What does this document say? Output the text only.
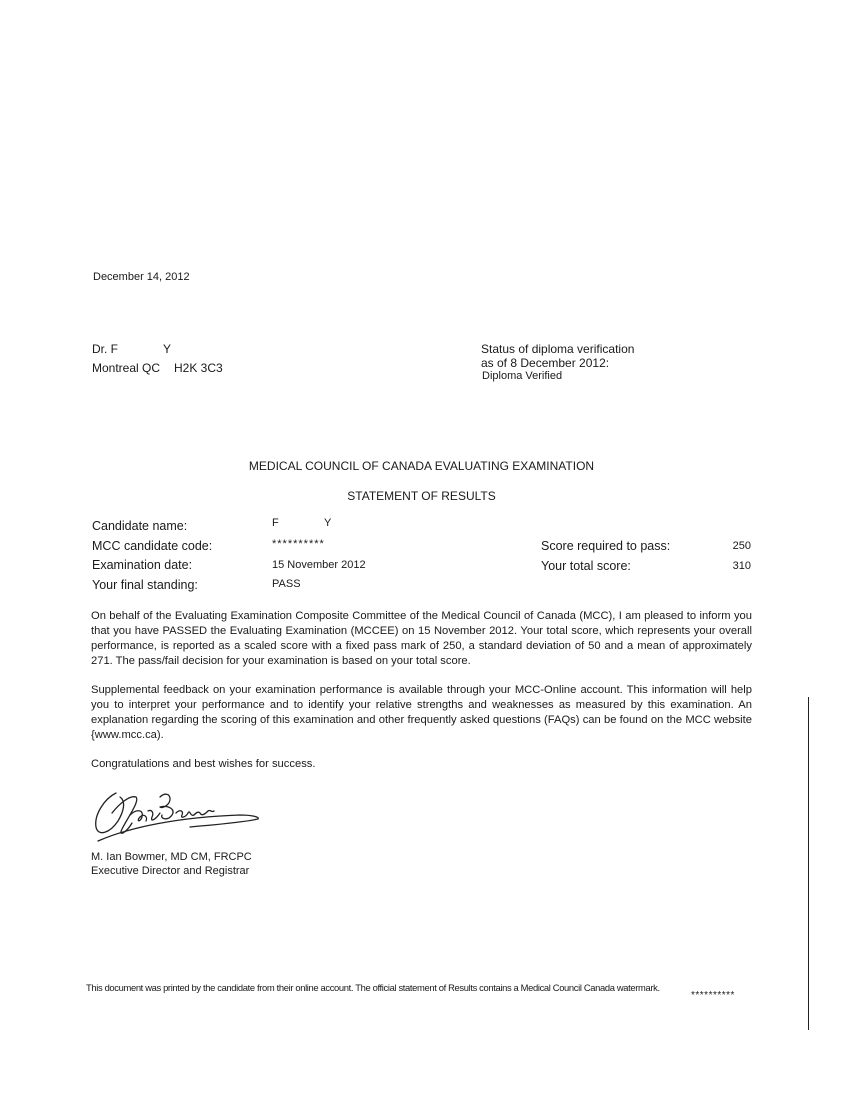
December 14, 2012
Dr. F	Y
Montreal QC H2K 3C3
Status of diploma verification
as of 8 December 2012:
Diploma Verified
MEDICAL COUNCIL OF CANADA EVALUATING EXAMINATION
STATEMENT OF RESULTS
Candidate name:	F	Y
MCC candidate code:	**********
Examination date:	15 November 2012
Your final standing:	PASS
Score required to pass:	250
Your total score:	310
On behalf of the Evaluating Examination Composite Committee of the Medical Council of Canada (MCC), I am pleased to inform you that you have PASSED the Evaluating Examination (MCCEE) on 15 November 2012. Your total score, which represents your overall performance, is reported as a scaled score with a fixed pass mark of 250, a standard deviation of 50 and a mean of approximately 271. The pass/fail decision for your examination is based on your total score.
Supplemental feedback on your examination performance is available through your MCC-Online account. This information will help you to interpret your performance and to identify your relative strengths and weaknesses as measured by this examination. An explanation regarding the scoring of this examination and other frequently asked questions (FAQs) can be found on the MCC website {www.mcc.ca).
Congratulations and best wishes for success.
M. Ian Bowmer, MD CM, FRCPC
Executive Director and Registrar
This document was printed by the candidate from their online account. The official statement of Results contains a Medical Council Canada watermark.
**********
